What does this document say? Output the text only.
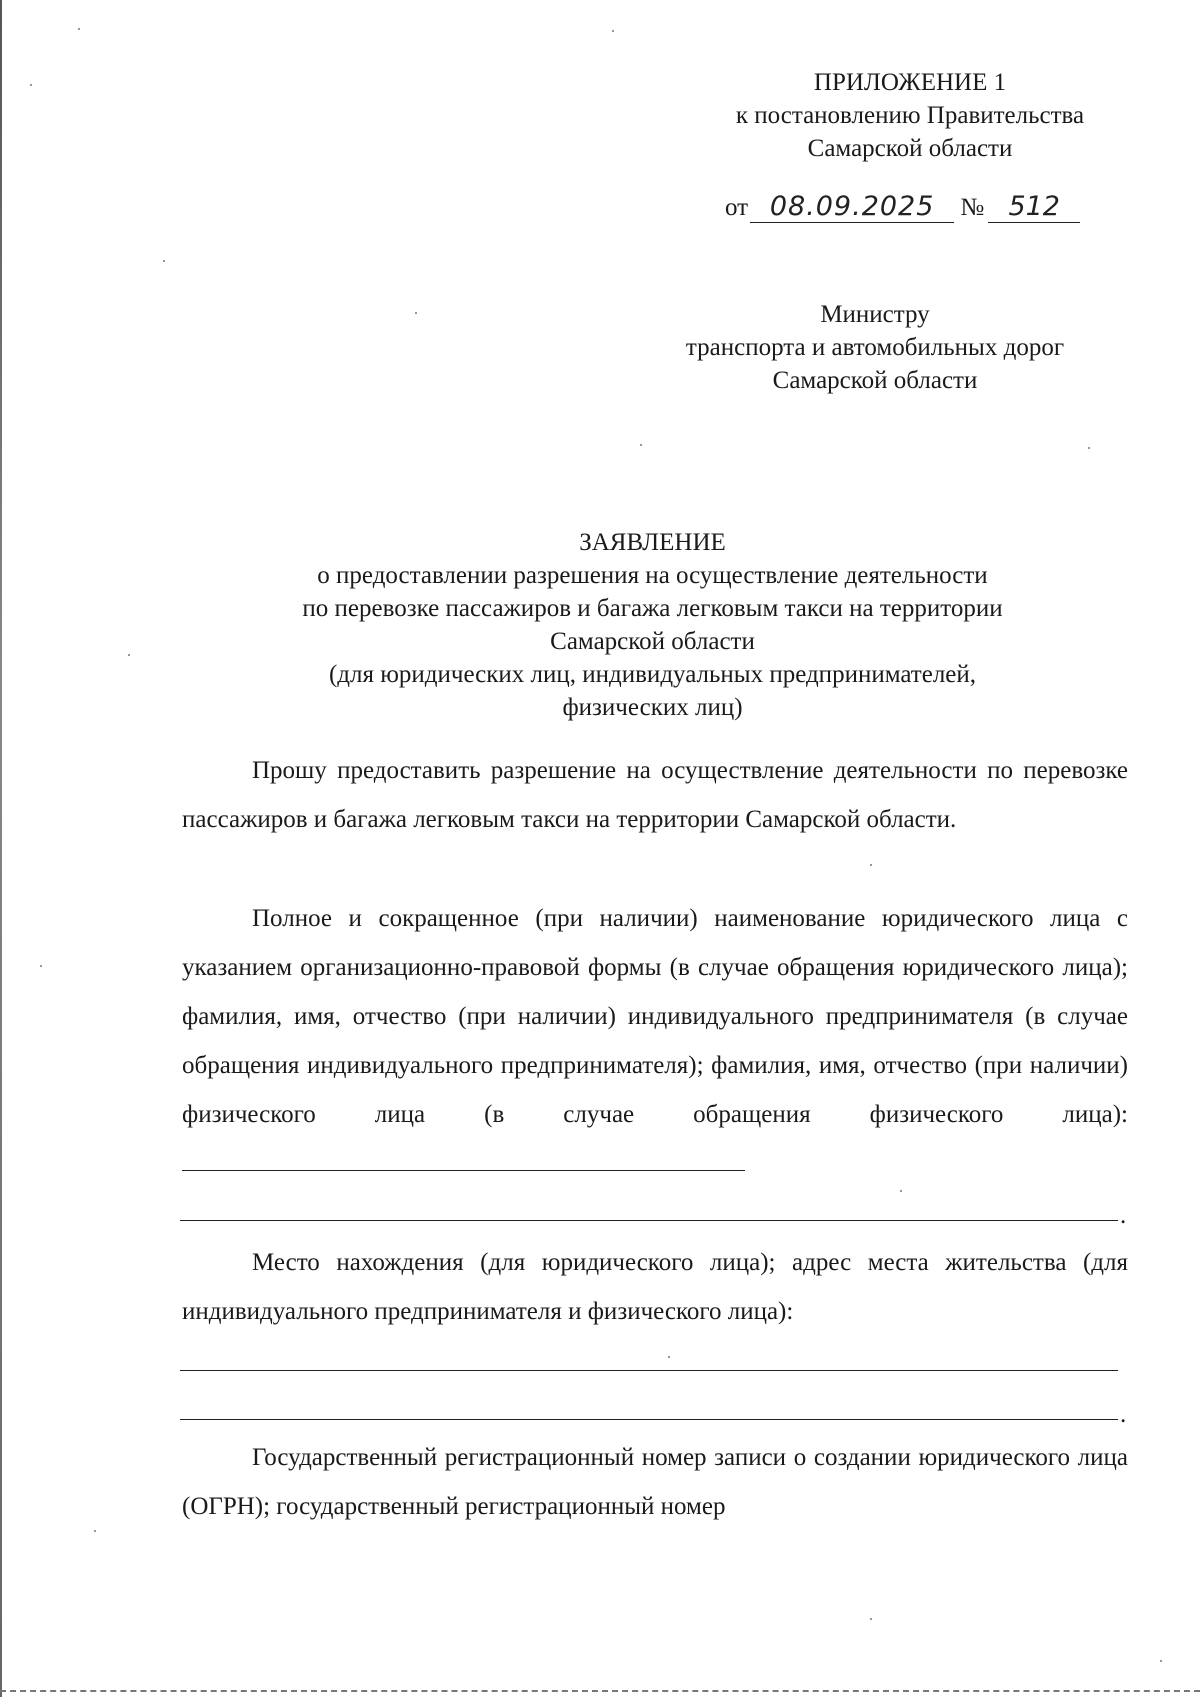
ПРИЛОЖЕНИЕ 1
к постановлению Правительства
Самарской области
от 08.09.2025 № 512
Министру
транспорта и автомобильных дорог
Самарской области
ЗАЯВЛЕНИЕ
о предоставлении разрешения на осуществление деятельности
по перевозке пассажиров и багажа легковым такси на территории
Самарской области
(для юридических лиц, индивидуальных предпринимателей,
физических лиц)

Прошу предоставить разрешение на осуществление деятельности по перевозке пассажиров и багажа легковым такси на территории Самарской области.

Полное и сокращенное (при наличии) наименование юридического лица с указанием организационно-правовой формы (в случае обращения юридического лица); фамилия, имя, отчество (при наличии) индивидуального предпринимателя (в случае обращения индивидуального предпринимателя); фамилия, имя, отчество (при наличии) физического лица (в случае обращения физического лица):

.

Место нахождения (для юридического лица); адрес места жительства (для индивидуального предпринимателя и физического лица):

.

Государственный регистрационный номер записи о создании юридического лица (ОГРН); государственный регистрационный номер
